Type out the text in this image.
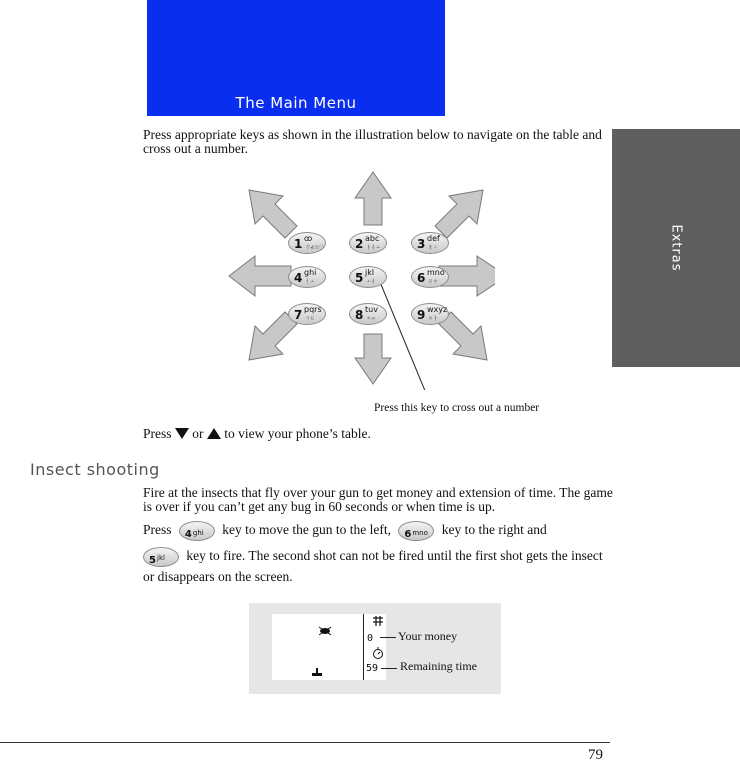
The Main Menu
Extras

Press appropriate keys as shown in the illustration below to navigate on the table and cross out a number.

1 ꝏ
ゔ⊀ㅍ㊀	2 abc
ㅑㅕㅗ	3 def
ㅐㅅ
4 ghi
ㅓㅗ	5 jkl
ㅗㅕ	6 mno
ㅍㅎ
7 pqrs
ㅋㅌ	8 tuv
ㅊㅆ	9 wxyz
ㅎㅑ

Press this key to cross out a number

Press or to view your phone’s table.

Insect shooting

Fire at the insects that fly over your gun to get money and extension of time. The game is over if you can’t get any bug in 60 seconds or when time is up.

Press 4 ghi key to move the gun to the left, 6 mno key to the right and

5 jkl key to fire. The second shot can not be fired until the first shot gets the insect or disappears on the screen.

0
59
Your money
Remaining time
79
